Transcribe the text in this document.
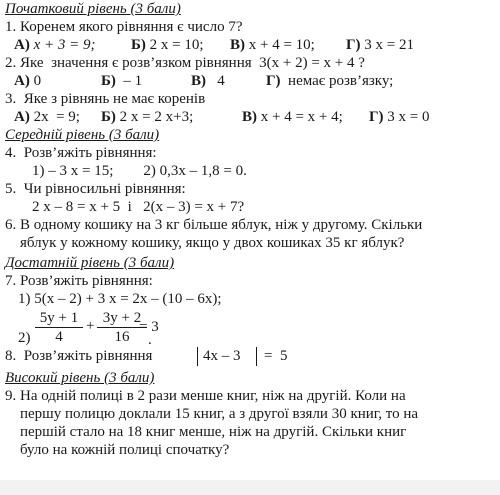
Початковий рівень (3 бали)
1. Коренем якого рівняння є число 7?
А) x + 3 = 9; Б) 2 x = 10; В) x + 4 = 10; Г) 3 x = 21
2. Яке  значення є розв’язком рівняння  3(x + 2) = x + 4 ?
А) 0	Б)  – 1	В)   4	Г)  немає розв’язку;
3.  Яке з рівнянь не має коренів
А) 2x  = 9; Б) 2 x = 2 x+3;	В) x + 4 = x + 4; Г) 3 x = 0
Середній рівень (3 бали)
4.  Розв’яжіть рівняння:
1) – 3 x = 15;        2) 0,3x – 1,8 = 0.
5.  Чи рівносильні рівняння:
2 x – 8 = x + 5  і   2(x – 3) = x + 7?
6. В одному кошику на 3 кг більше яблук, ніж у другому. Скільки
яблук у кожному кошику, якщо у двох кошиках 35 кг яблук?
Достатній рівень (3 бали)
7. Розв’яжіть рівняння:
1) 5(x – 2) + 3 x = 2x – (10 – 6x);
2)
5y + 1
4
+ 3y + 2
16
= 3
.
8.  Розв’яжіть рівняння	4x – 3 =  5
Високий рівень (3 бали)
9. На одній полиці в 2 рази менше книг, ніж на другій. Коли на
першу полицю доклали 15 книг, а з другої взяли 30 книг, то на
першій стало на 18 книг менше, ніж на другій. Скільки книг
було на кожній полиці спочатку?
